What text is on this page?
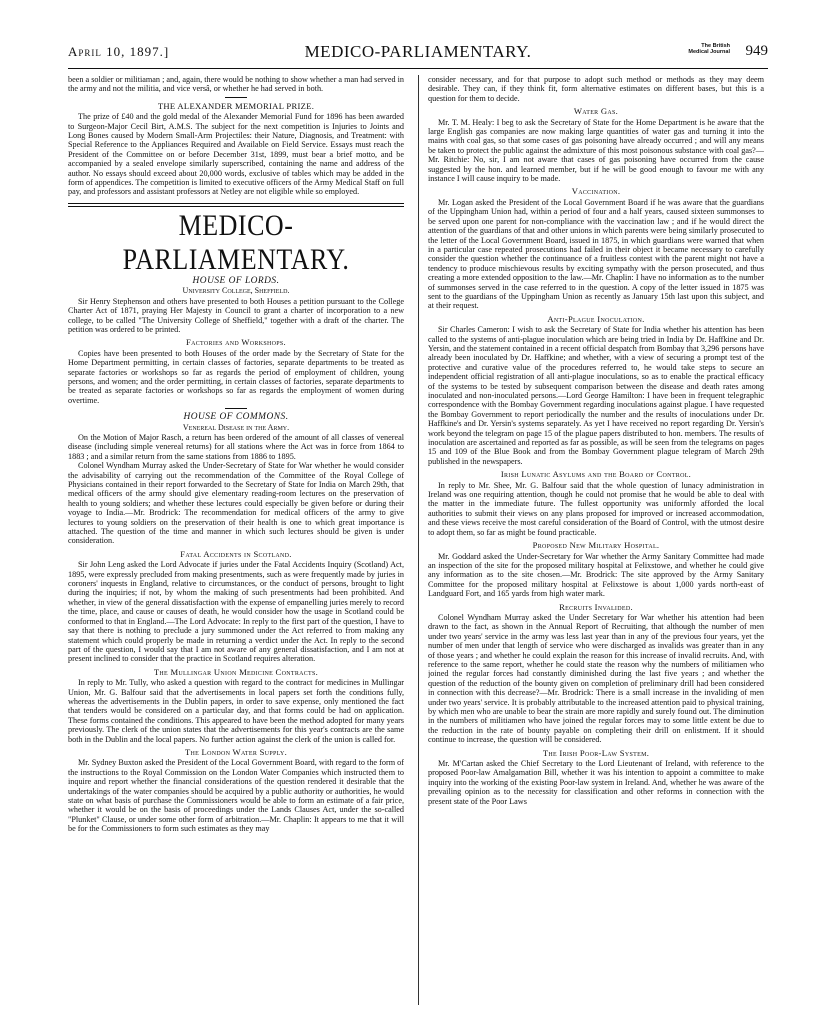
April 10, 1897.]	MEDICO-PARLIAMENTARY.	The British
Medical Journal 949

been a soldier or militiaman ; and, again, there would be nothing to show whether a man had served in the army and not the militia, and vice versâ, or whether he had served in both.

THE ALEXANDER MEMORIAL PRIZE.

The prize of £40 and the gold medal of the Alexander Memorial Fund for 1896 has been awarded to Surgeon-Major Cecil Birt, A.M.S. The subject for the next competition is Injuries to Joints and Long Bones caused by Modern Small-Arm Projectiles: their Nature, Diagnosis, and Treatment: with Special Reference to the Appliances Required and Available on Field Service. Essays must reach the President of the Committee on or before December 31st, 1899, must bear a brief motto, and be accompanied by a sealed envelope similarly superscribed, containing the name and address of the author. No essays should exceed about 20,000 words, exclusive of tables which may be added in the form of appendices. The competition is limited to executive officers of the Army Medical Staff on full pay, and professors and assistant professors at Netley are not eligible while so employed.

MEDICO-PARLIAMENTARY.
HOUSE OF LORDS.
University College, Sheffield.

Sir Henry Stephenson and others have presented to both Houses a petition pursuant to the College Charter Act of 1871, praying Her Majesty in Council to grant a charter of incorporation to a new college, to be called "The University College of Sheffield," together with a draft of the charter. The petition was ordered to be printed.

Factories and Workshops.

Copies have been presented to both Houses of the order made by the Secretary of State for the Home Department permitting, in certain classes of factories, separate departments to be treated as separate factories or workshops so far as regards the period of employment of children, young persons, and women; and the order permitting, in certain classes of factories, separate departments to be treated as separate factories or workshops so far as regards the employment of women during overtime.

HOUSE OF COMMONS.
Venereal Disease in the Army.

On the Motion of Major Rasch, a return has been ordered of the amount of all classes of venereal disease (including simple venereal returns) for all stations where the Act was in force from 1864 to 1883 ; and a similar return from the same stations from 1886 to 1895.

Colonel Wyndham Murray asked the Under-Secretary of State for War whether he would consider the advisability of carrying out the recommendation of the Committee of the Royal College of Physicians contained in their report forwarded to the Secretary of State for India on March 29th, that medical officers of the army should give elementary reading-room lectures on the preservation of health to young soldiers; and whether these lectures could especially be given before or during their voyage to India.—Mr. Brodrick: The recommendation for medical officers of the army to give lectures to young soldiers on the preservation of their health is one to which great importance is attached. The question of the time and manner in which such lectures should be given is under consideration.

Fatal Accidents in Scotland.

Sir John Leng asked the Lord Advocate if juries under the Fatal Accidents Inquiry (Scotland) Act, 1895, were expressly precluded from making presentments, such as were frequently made by juries in coroners' inquests in England, relative to circumstances, or the conduct of persons, brought to light during the inquiries; if not, by whom the making of such presentments had been prohibited. And whether, in view of the general dissatisfaction with the expense of empanelling juries merely to record the time, place, and cause or causes of death, he would consider how the usage in Scotland could be conformed to that in England.—The Lord Advocate: In reply to the first part of the question, I have to say that there is nothing to preclude a jury summoned under the Act referred to from making any statement which could properly be made in returning a verdict under the Act. In reply to the second part of the question, I would say that I am not aware of any general dissatisfaction, and I am not at present inclined to consider that the practice in Scotland requires alteration.

The Mullingar Union Medicine Contracts.

In reply to Mr. Tully, who asked a question with regard to the contract for medicines in Mullingar Union, Mr. G. Balfour said that the advertisements in local papers set forth the conditions fully, whereas the advertisements in the Dublin papers, in order to save expense, only mentioned the fact that tenders would be considered on a particular day, and that forms could be had on application. These forms contained the conditions. This appeared to have been the method adopted for many years previously. The clerk of the union states that the advertisements for this year's contracts are the same both in the Dublin and the local papers. No further action against the clerk of the union is called for.

The London Water Supply.

Mr. Sydney Buxton asked the President of the Local Government Board, with regard to the form of the instructions to the Royal Commission on the London Water Companies which instructed them to inquire and report whether the financial considerations of the question rendered it desirable that the undertakings of the water companies should be acquired by a public authority or authorities, he would state on what basis of purchase the Commissioners would be able to form an estimate of a fair price, whether it would be on the basis of proceedings under the Lands Clauses Act, under the so-called "Plunket" Clause, or under some other form of arbitration.—Mr. Chaplin: It appears to me that it will be for the Commissioners to form such estimates as they may

consider necessary, and for that purpose to adopt such method or methods as they may deem desirable. They can, if they think fit, form alternative estimates on different bases, but this is a question for them to decide.

Water Gas.

Mr. T. M. Healy: I beg to ask the Secretary of State for the Home Department is he aware that the large English gas companies are now making large quantities of water gas and turning it into the mains with coal gas, so that some cases of gas poisoning have already occurred ; and will any means be taken to protect the public against the admixture of this most poisonous substance with coal gas?—Mr. Ritchie: No, sir, I am not aware that cases of gas poisoning have occurred from the cause suggested by the hon. and learned member, but if he will be good enough to favour me with any instance I will cause inquiry to be made.

Vaccination.

Mr. Logan asked the President of the Local Government Board if he was aware that the guardians of the Uppingham Union had, within a period of four and a half years, caused sixteen summonses to be served upon one parent for non-compliance with the vaccination law ; and if he would direct the attention of the guardians of that and other unions in which parents were being similarly prosecuted to the letter of the Local Government Board, issued in 1875, in which guardians were warned that when in a particular case repeated prosecutions had failed in their object it became necessary to carefully consider the question whether the continuance of a fruitless contest with the parent might not have a tendency to produce mischievous results by exciting sympathy with the person prosecuted, and thus creating a more extended opposition to the law.—Mr. Chaplin: I have no information as to the number of summonses served in the case referred to in the question. A copy of the letter issued in 1875 was sent to the guardians of the Uppingham Union as recently as January 15th last upon this subject, and at their request.

Anti-Plague Inoculation.

Sir Charles Cameron: I wish to ask the Secretary of State for India whether his attention has been called to the systems of anti-plague inoculation which are being tried in India by Dr. Haffkine and Dr. Yersin, and the statement contained in a recent official despatch from Bombay that 3,296 persons have already been inoculated by Dr. Haffkine; and whether, with a view of securing a prompt test of the protective and curative value of the procedures referred to, he would take steps to secure an independent official registration of all anti-plague inoculations, so as to enable the practical efficacy of the systems to be tested by subsequent comparison between the disease and death rates among inoculated and non-inoculated persons.—Lord George Hamilton: I have been in frequent telegraphic correspondence with the Bombay Government regarding inoculations against plague. I have requested the Bombay Government to report periodically the number and the results of inoculations under Dr. Haffkine's and Dr. Yersin's systems separately. As yet I have received no report regarding Dr. Yersin's work beyond the telegram on page 15 of the plague papers distributed to hon. members. The results of inoculation are ascertained and reported as far as possible, as will be seen from the telegrams on pages 15 and 109 of the Blue Book and from the Bombay Government plague telegram of March 29th published in the newspapers.

Irish Lunatic Asylums and the Board of Control.

In reply to Mr. Shee, Mr. G. Balfour said that the whole question of lunacy administration in Ireland was one requiring attention, though he could not promise that he would be able to deal with the matter in the immediate future. The fullest opportunity was uniformly afforded the local authorities to submit their views on any plans proposed for improved or increased accommodation, and these views receive the most careful consideration of the Board of Control, with the utmost desire to adopt them, so far as might be found practicable.

Proposed New Military Hospital.

Mr. Goddard asked the Under-Secretary for War whether the Army Sanitary Committee had made an inspection of the site for the proposed military hospital at Felixstowe, and whether he could give any information as to the site chosen.—Mr. Brodrick: The site approved by the Army Sanitary Committee for the proposed military hospital at Felixstowe is about 1,000 yards north-east of Landguard Fort, and 165 yards from high water mark.

Recruits Invalided.

Colonel Wyndham Murray asked the Under Secretary for War whether his attention had been drawn to the fact, as shown in the Annual Report of Recruiting, that although the number of men under two years' service in the army was less last year than in any of the previous four years, yet the number of men under that length of service who were discharged as invalids was greater than in any of those years ; and whether he could explain the reason for this increase of invalid recruits. And, with reference to the same report, whether he could state the reason why the numbers of militiamen who joined the regular forces had constantly diminished during the last five years ; and whether the question of the reduction of the bounty given on completion of preliminary drill had been considered in connection with this decrease?—Mr. Brodrick: There is a small increase in the invaliding of men under two years' service. It is probably attributable to the increased attention paid to physical training, by which men who are unable to bear the strain are more rapidly and surely found out. The diminution in the numbers of militiamen who have joined the regular forces may to some little extent be due to the reduction in the rate of bounty payable on completing their drill on enlistment. If it should continue to increase, the question will be considered.

The Irish Poor-Law System.

Mr. M'Cartan asked the Chief Secretary to the Lord Lieutenant of Ireland, with reference to the proposed Poor-law Amalgamation Bill, whether it was his intention to appoint a committee to make inquiry into the working of the existing Poor-law system in Ireland. And, whether he was aware of the prevailing opinion as to the necessity for classification and other reforms in connection with the present state of the Poor Laws
